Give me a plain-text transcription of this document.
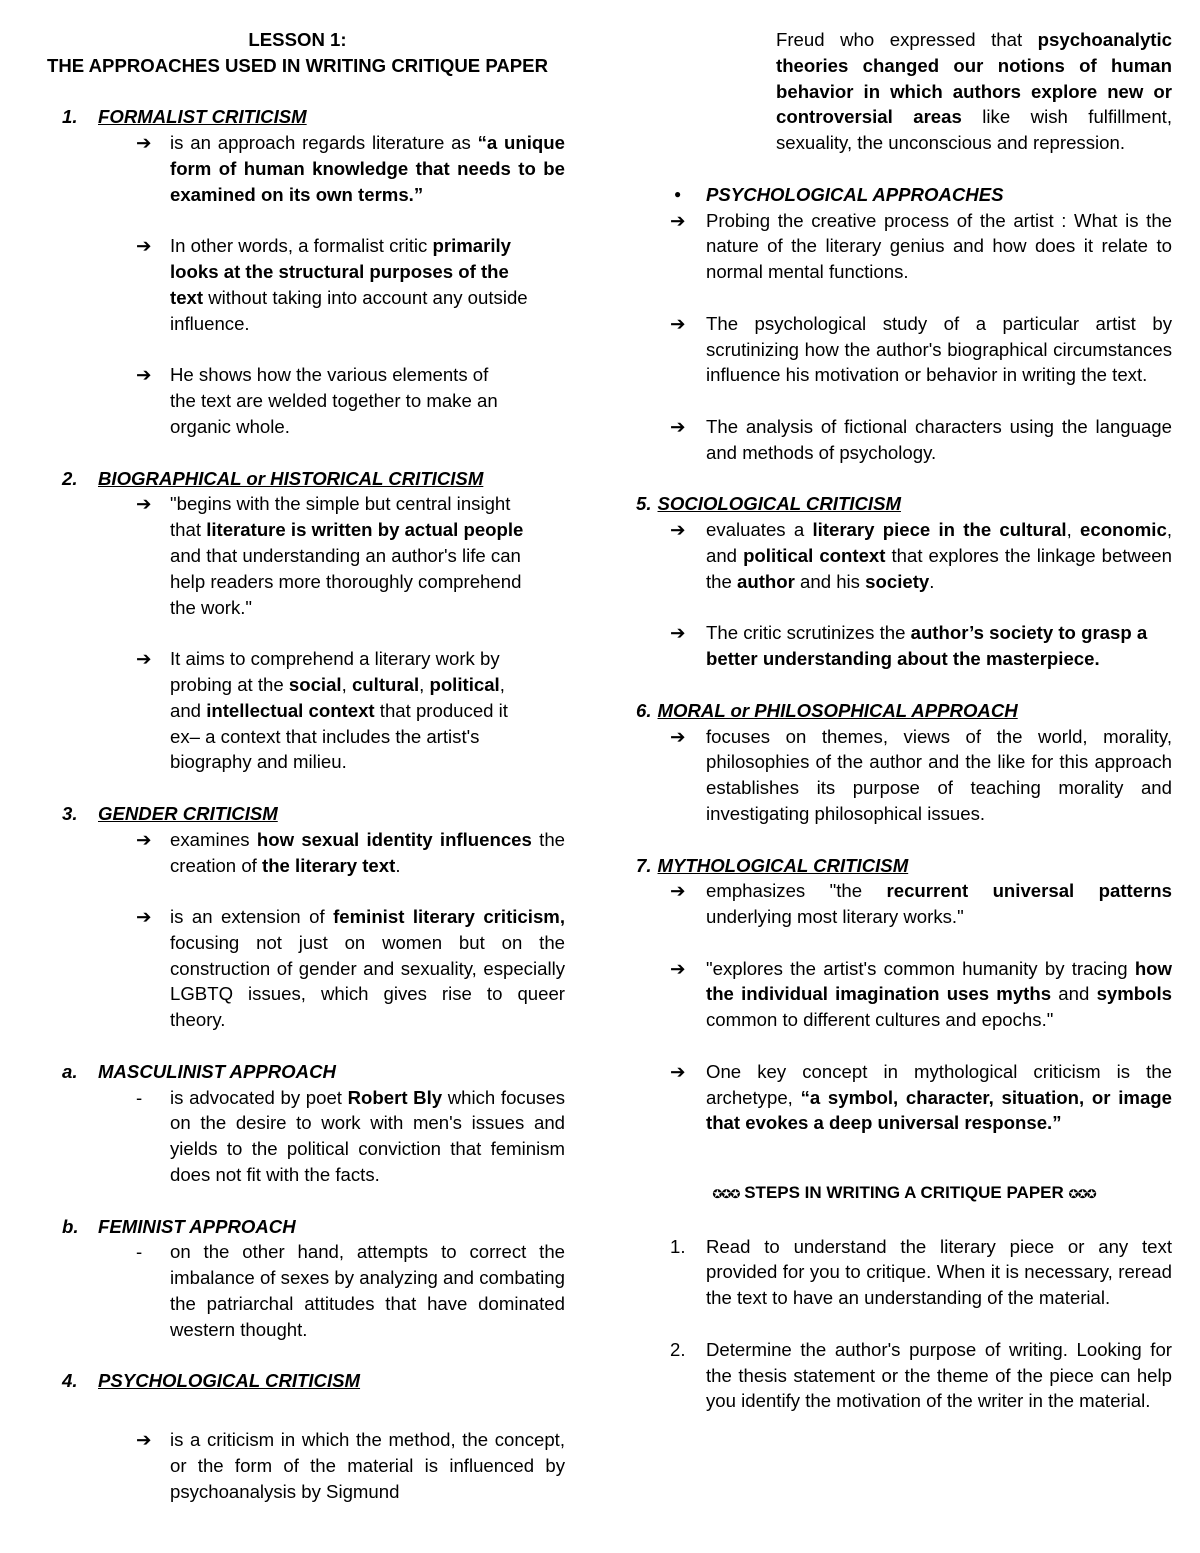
LESSON 1:
THE APPROACHES USED IN WRITING CRITIQUE PAPER
1.	FORMALIST CRITICISM
➔ is an approach regards literature as “a unique form of human knowledge that needs to be examined on its own terms.”
➔ In other words, a formalist critic primarily looks at the structural purposes of the text without taking into account any outside influence.
➔ He shows how the various elements of the text are welded together to make an organic whole.
2.	BIOGRAPHICAL or HISTORICAL CRITICISM
➔ "begins with the simple but central insight that literature is written by actual people and that understanding an author's life can help readers more thoroughly comprehend the work."
➔ It aims to comprehend a literary work by probing at the social, cultural, political, and intellectual context that produced it ex– a context that includes the artist's biography and milieu.
3.	GENDER CRITICISM
➔ examines how sexual identity influences the creation of the literary text.
➔ is an extension of feminist literary criticism, focusing not just on women but on the construction of gender and sexuality, especially LGBTQ issues, which gives rise to queer theory.
a.	MASCULINIST APPROACH
-	is advocated by poet Robert Bly which focuses on the desire to work with men's issues and yields to the political conviction that feminism does not fit with the facts.
b.	FEMINIST APPROACH
-	on the other hand, attempts to correct the imbalance of sexes by analyzing and combating the patriarchal attitudes that have dominated western thought.
4.	PSYCHOLOGICAL CRITICISM
➔ is a criticism in which the method, the concept, or the form of the material is influenced by psychoanalysis by Sigmund
Freud who expressed that psychoanalytic theories changed our notions of human behavior in which authors explore new or controversial areas like wish fulfillment, sexuality, the unconscious and repression.
●	PSYCHOLOGICAL APPROACHES
➔	Probing the creative process of the artist : What is the nature of the literary genius and how does it relate to normal mental functions.
➔	The psychological study of a particular artist by scrutinizing how the author's biographical circumstances influence his motivation or behavior in writing the text.
➔	The analysis of fictional characters using the language and methods of psychology.
5. SOCIOLOGICAL CRITICISM
➔	evaluates a literary piece in the cultural, economic, and political context that explores the linkage between the author and his society.
➔	The critic scrutinizes the author’s society to grasp a better understanding about the masterpiece.
6. MORAL or PHILOSOPHICAL APPROACH
➔	focuses on themes, views of the world, morality, philosophies of the author and the like for this approach establishes its purpose of teaching morality and investigating philosophical issues.
7. MYTHOLOGICAL CRITICISM
➔	emphasizes "the recurrent universal patterns underlying most literary works."
➔	"explores the artist's common humanity by tracing how the individual imagination uses myths and symbols common to different cultures and epochs."
➔	One key concept in mythological criticism is the archetype, “a symbol, character, situation, or image that evokes a deep universal response.”
✪✪✪ STEPS IN WRITING A CRITIQUE PAPER ✪✪✪
1.	Read to understand the literary piece or any text provided for you to critique. When it is necessary, reread the text to have an understanding of the material.
2.	Determine the author's purpose of writing. Looking for the thesis statement or the theme of the piece can help you identify the motivation of the writer in the material.
